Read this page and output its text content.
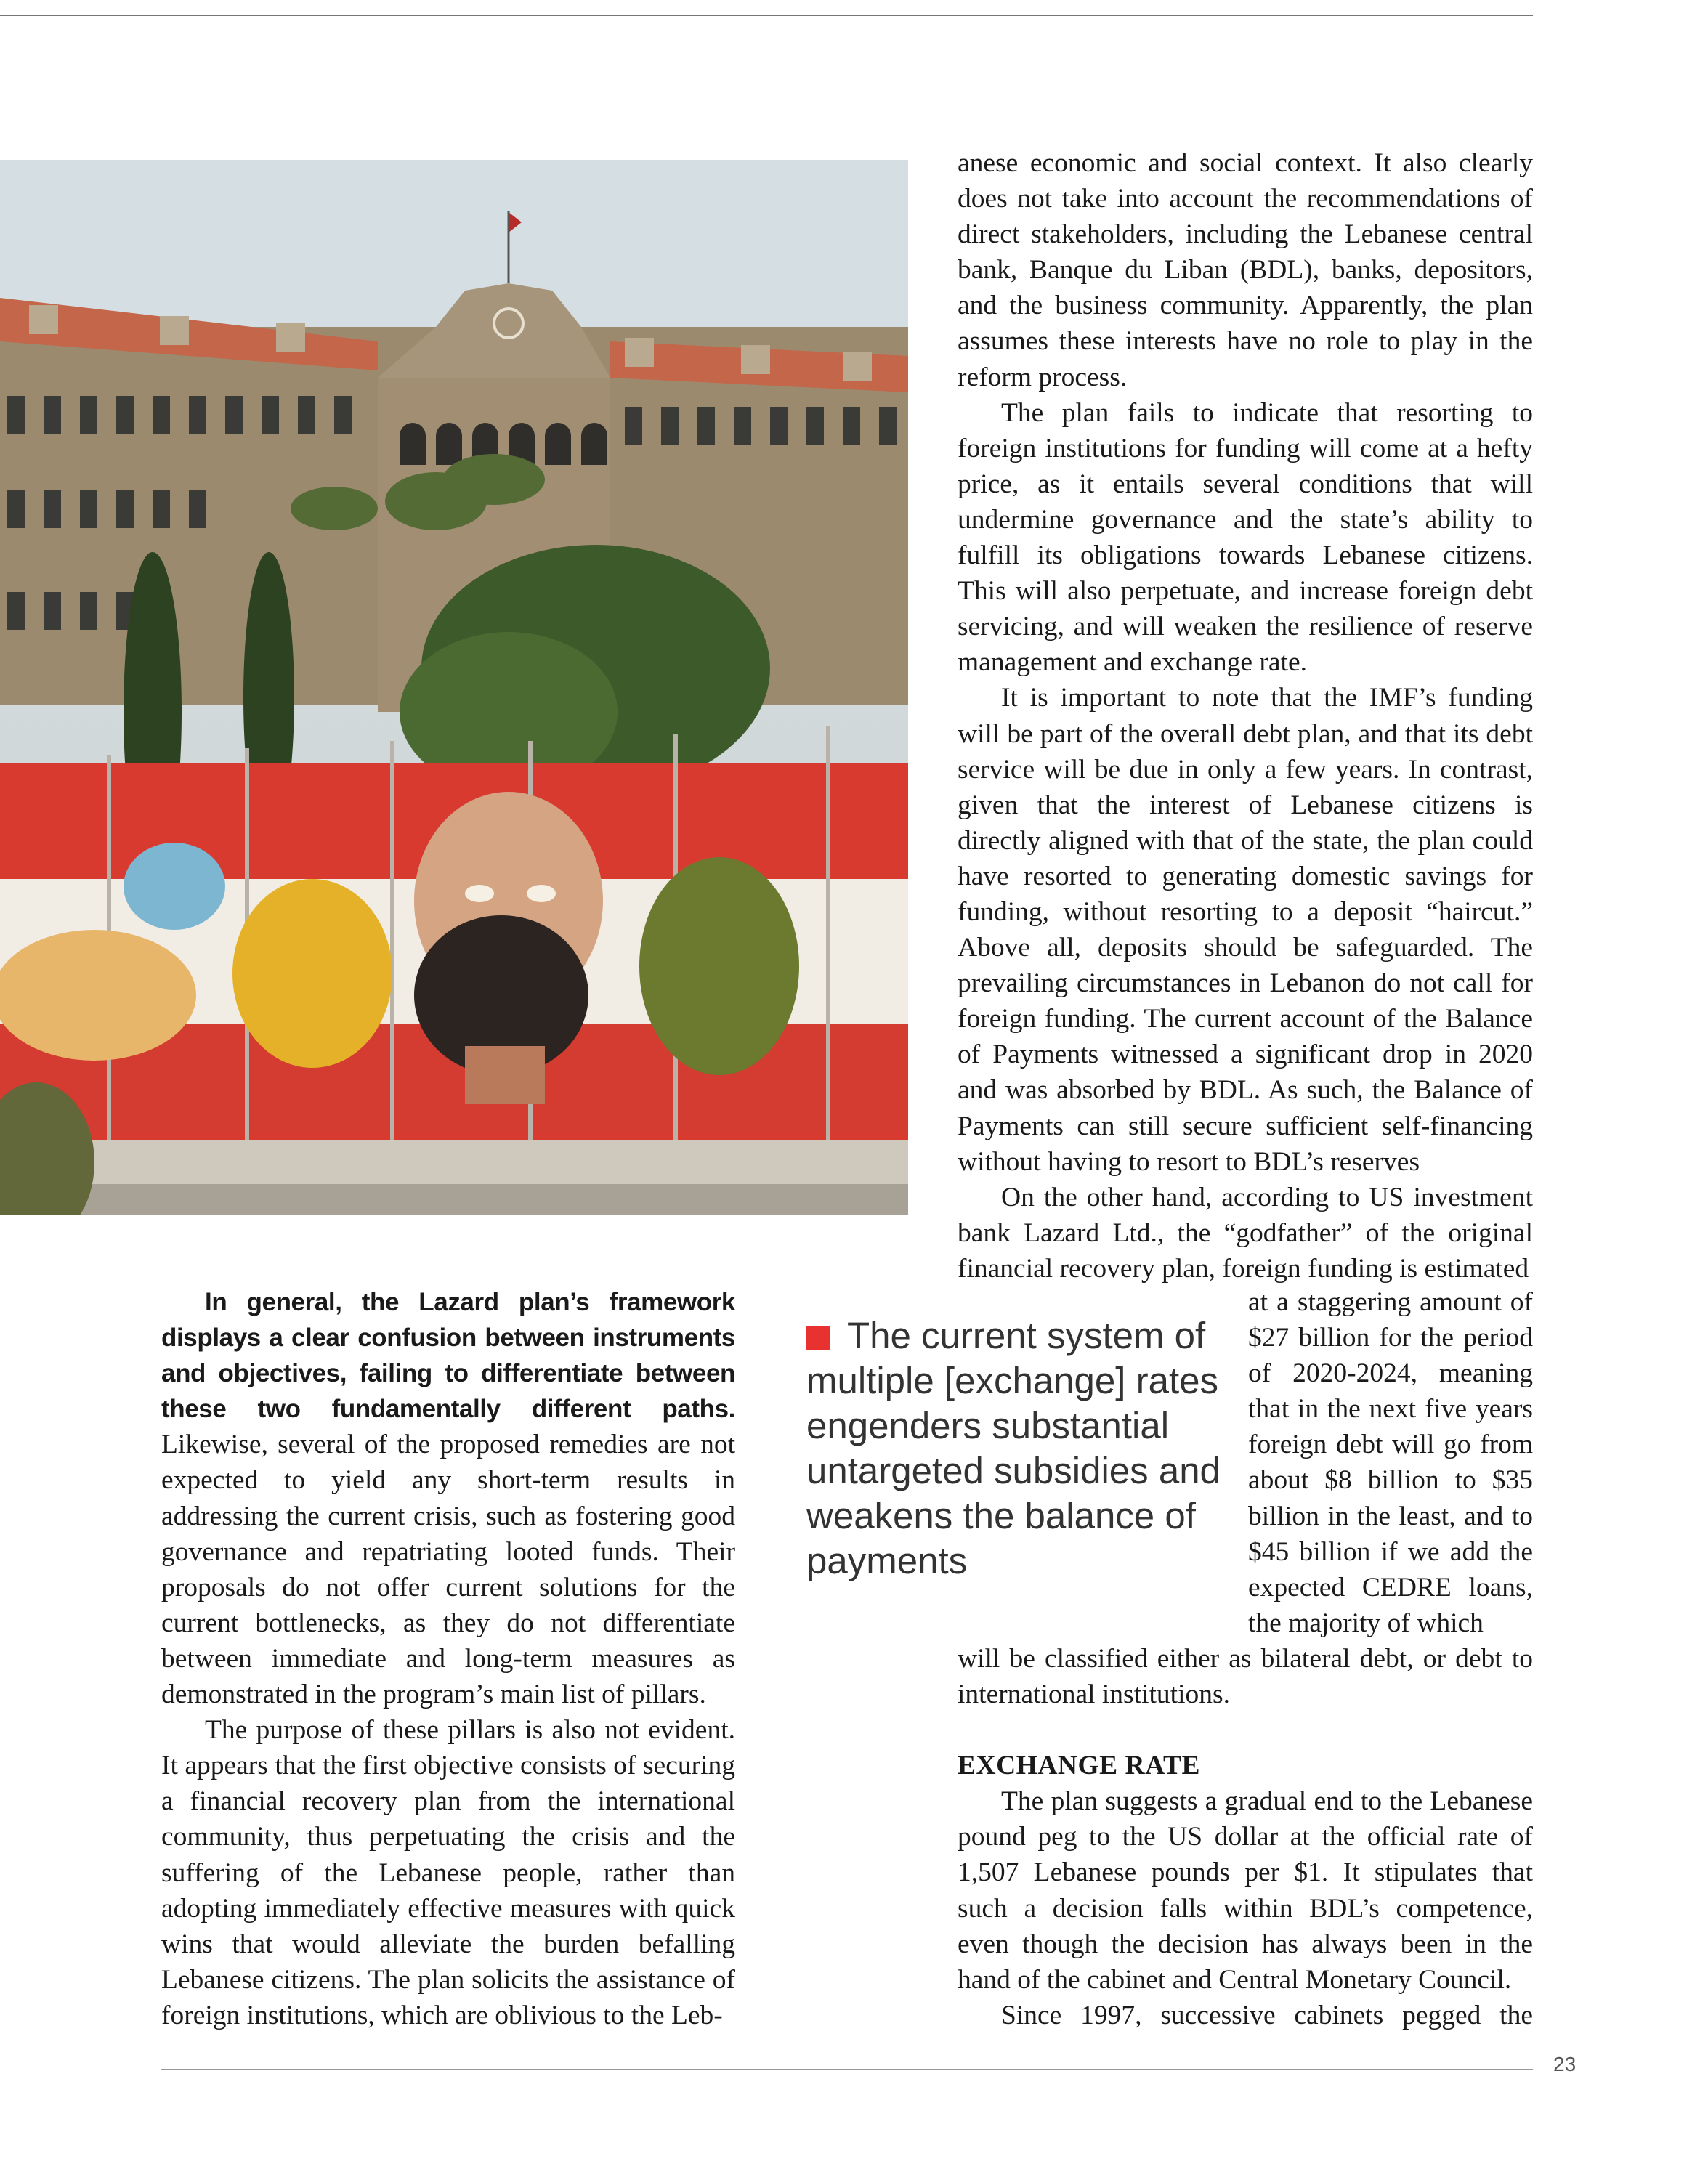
In general, the Lazard plan’s framework displays a clear confusion between instruments and objectives, failing to differentiate between these two fundamentally different paths. Likewise, several of the proposed remedies are not expected to yield any short-term results in addressing the current crisis, such as fostering good governance and repatriating looted funds. Their proposals do not offer current solutions for the current bottlenecks, as they do not differentiate between immediate and long-term measures as demonstrated in the program’s main list of pillars.

The purpose of these pillars is also not evident. It appears that the first objective consists of securing a financial recovery plan from the international community, thus perpetuating the crisis and the suffering of the Lebanese people, rather than adopting immediately effective measures with quick wins that would alleviate the burden befalling Lebanese citizens. The plan solicits the assistance of foreign institutions, which are oblivious to the Leb-

anese economic and social context. It also clearly does not take into account the recommendations of direct stakeholders, including the Lebanese central bank, Banque du Liban (BDL), banks, depositors, and the business community. Apparently, the plan assumes these interests have no role to play in the reform process.

The plan fails to indicate that resorting to foreign institutions for funding will come at a hefty price, as it entails several conditions that will undermine governance and the state’s ability to fulfill its obligations towards Lebanese citizens. This will also perpetuate, and increase foreign debt servicing, and will weaken the resilience of reserve management and exchange rate.

It is important to note that the IMF’s funding will be part of the overall debt plan, and that its debt service will be due in only a few years. In contrast, given that the interest of Lebanese citizens is directly aligned with that of the state, the plan could have resorted to generating domestic savings for funding, without resorting to a deposit “haircut.” Above all, deposits should be safeguarded. The prevailing circumstances in Lebanon do not call for foreign funding. The current account of the Balance of Payments witnessed a significant drop in 2020 and was absorbed by BDL. As such, the Balance of Payments can still secure sufficient self-financing without having to resort to BDL’s reserves

On the other hand, according to US investment bank Lazard Ltd., the “godfather” of the original financial recovery plan, foreign funding is estimated

The current system of multiple [exchange] rates engenders substantial untargeted subsidies and weakens the balance of payments

at a staggering amount of $27 billion for the period of 2020-2024, meaning that in the next five years foreign debt will go from about $8 billion to $35 billion in the least, and to $45 billion if we add the expected CEDRE loans, the majority of which

will be classified either as bilateral debt, or debt to international institutions.

EXCHANGE RATE

The plan suggests a gradual end to the Lebanese pound peg to the US dollar at the official rate of 1,507 Lebanese pounds per $1. It stipulates that such a decision falls within BDL’s competence, even though the decision has always been in the hand of the cabinet and Central Monetary Council.

Since 1997, successive cabinets pegged the

23
